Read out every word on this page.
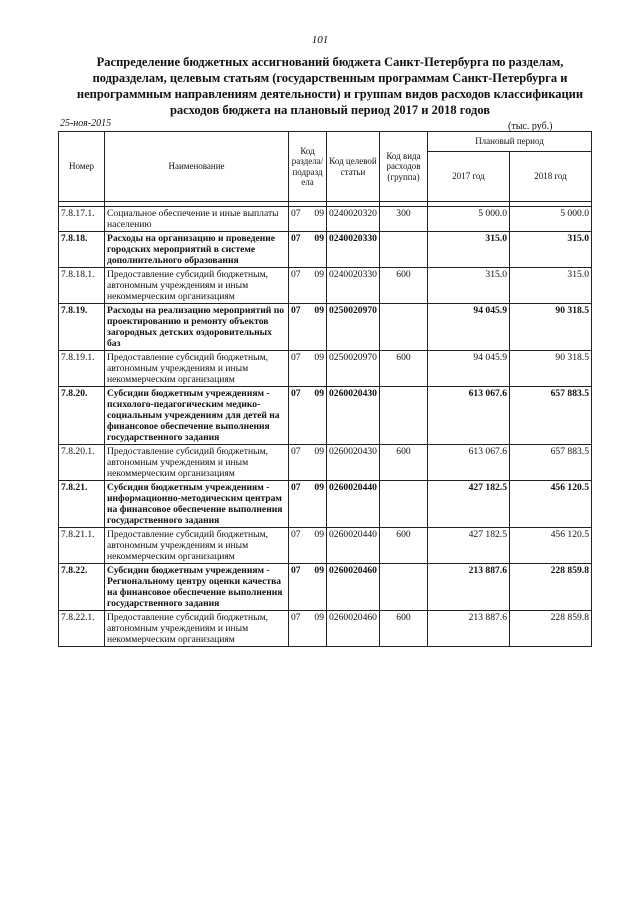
101
Распределение бюджетных ассигнований бюджета Санкт-Петербурга по разделам, подразделам, целевым статьям (государственным программам Санкт-Петербурга и непрограммным направлениям деятельности) и группам видов расходов классификации расходов бюджета на плановый период 2017 и 2018 годов
25-ноя-2015	(тыс. руб.)
Номер	Наименование	Код раздела/ подразд ела	Код целевой статьи	Код вида расходов (группа)	Плановый период	
					2017 год	2018 год

7.8.17.1.	Социальное обеспечение и иные выплаты населению	07 09	0240020320	300	5 000.0	5 000.0
7.8.18.	Расходы на организацию и проведение городских мероприятий в системе дополнительного образования	07 09	0240020330		315.0	315.0
7.8.18.1.	Предоставление субсидий бюджетным, автономным учреждениям и иным некоммерческим организациям	07 09	0240020330	600	315.0	315.0
7.8.19.	Расходы на реализацию мероприятий по проектированию и ремонту объектов загородных детских оздоровительных баз	07 09	0250020970		94 045.9	90 318.5
7.8.19.1.	Предоставление субсидий бюджетным, автономным учреждениям и иным некоммерческим организациям	07 09	0250020970	600	94 045.9	90 318.5
7.8.20.	Субсидии бюджетным учреждениям - психолого-педагогическим медико-социальным учреждениям для детей на финансовое обеспечение выполнения государственного задания	07 09	0260020430		613 067.6	657 883.5
7.8.20.1.	Предоставление субсидий бюджетным, автономным учреждениям и иным некоммерческим организациям	07 09	0260020430	600	613 067.6	657 883.5
7.8.21.	Субсидия бюджетным учреждениям - информационно-методическим центрам на финансовое обеспечение выполнения государственного задания	07 09	0260020440		427 182.5	456 120.5
7.8.21.1.	Предоставление субсидий бюджетным, автономным учреждениям и иным некоммерческим организациям	07 09	0260020440	600	427 182.5	456 120.5
7.8.22.	Субсидии бюджетным учреждениям - Региональному центру оценки качества на финансовое обеспечение выполнения государственного задания	07 09	0260020460		213 887.6	228 859.8
7.8.22.1.	Предоставление субсидий бюджетным, автономным учреждениям и иным некоммерческим организациям	07 09	0260020460	600	213 887.6	228 859.8
